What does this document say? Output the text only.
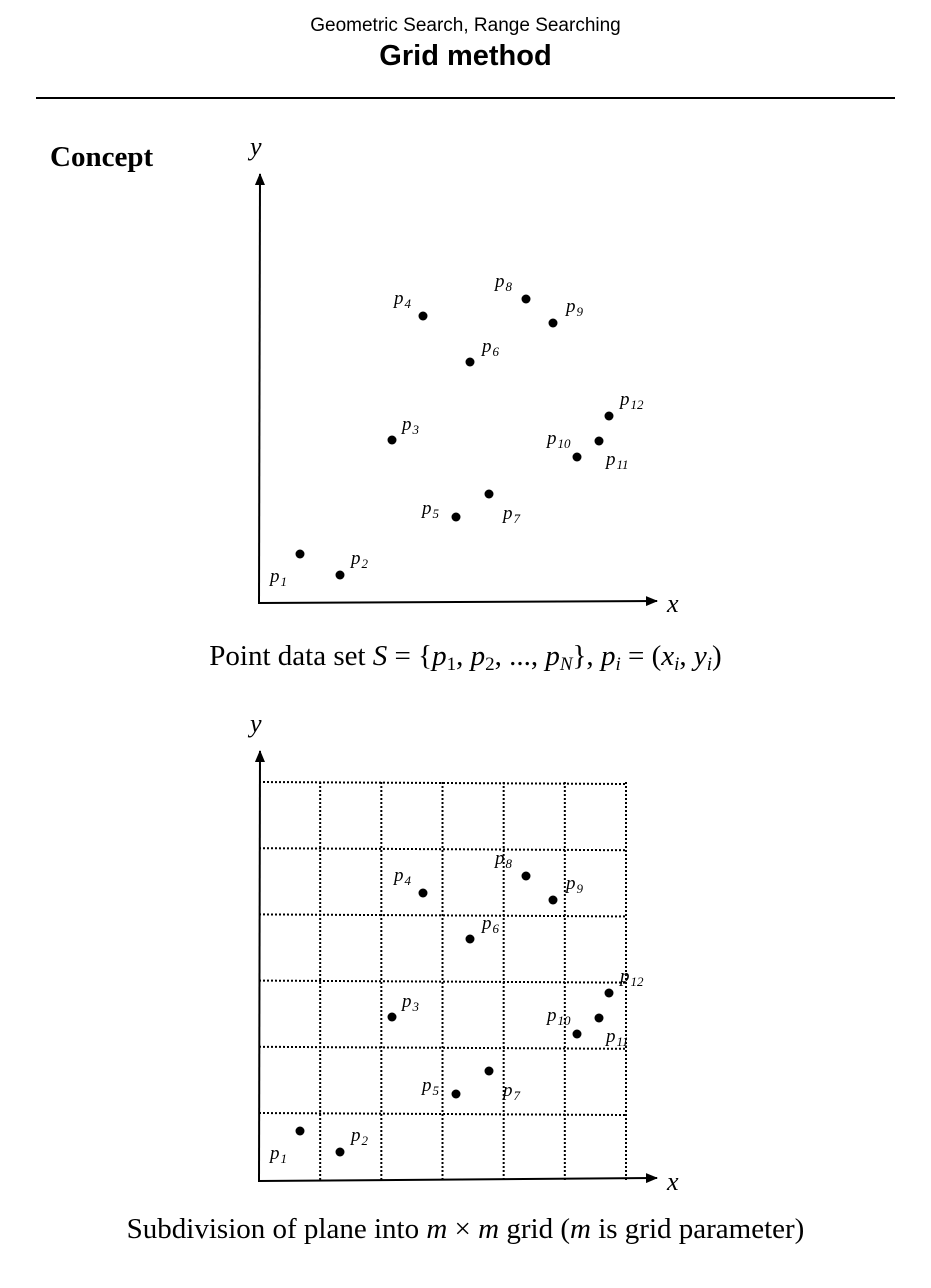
Geometric Search, Range Searching
Grid method
Concept	y
x
$p_1$
$p_2$
$p_3$
$p_4$
$p_5$
$p_6$
$p_7$
$p_8$
$p_9$
$p_{10}$
$p_{11}$
$p_{12}$
Point data set $S = \{p_1$, $p_2$, ..., $p_N$}, $p_i = (x_i$, $y_i$)
y
x
$p_1$
$p_2$
$p_3$
$p_4$
$p_5$
$p_6$
$p_7$
$p_8$
$p_9$
$p_{10}$
$p_{11}$
$p_{12}$
Subdivision of plane into m × m grid (m is grid parameter)
